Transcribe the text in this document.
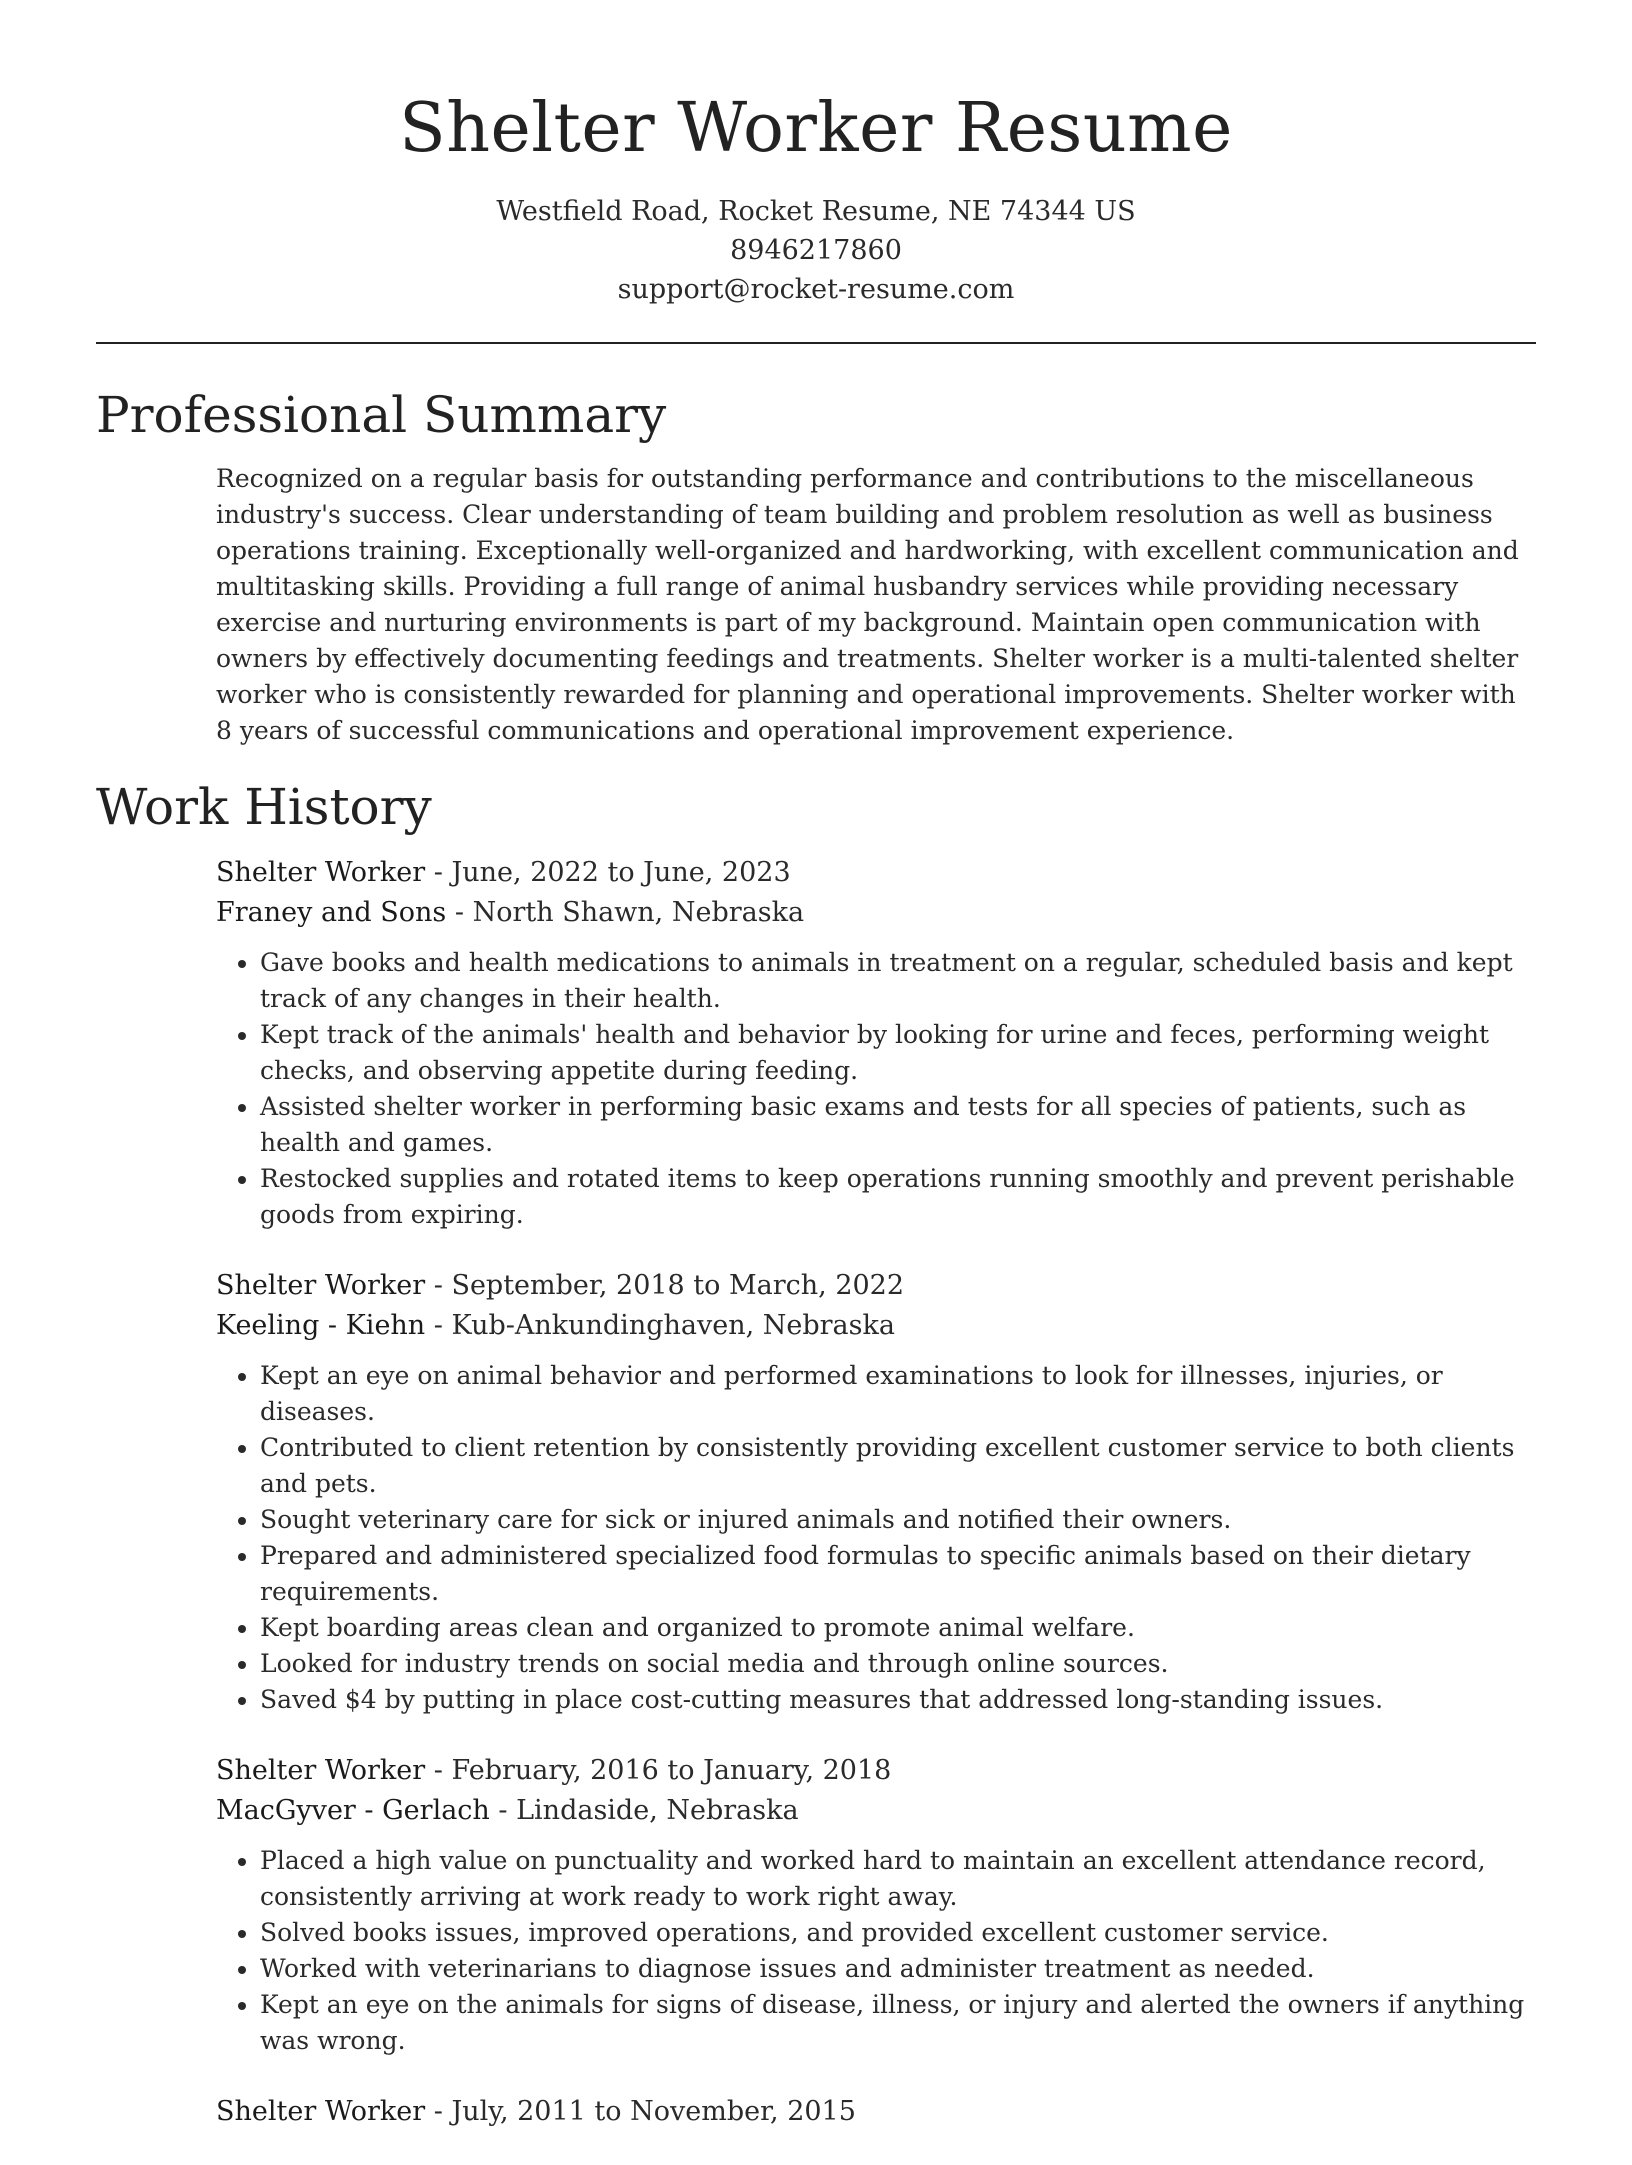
Shelter Worker Resume
Westfield Road, Rocket Resume, NE 74344 US
8946217860
support@rocket-resume.com
Professional Summary

Recognized on a regular basis for outstanding performance and contributions to the miscellaneous industry's success. Clear understanding of team building and problem resolution as well as business operations training. Exceptionally well-organized and hardworking, with excellent communication and multitasking skills. Providing a full range of animal husbandry services while providing necessary exercise and nurturing environments is part of my background. Maintain open communication with owners by effectively documenting feedings and treatments. Shelter worker is a multi-talented shelter worker who is consistently rewarded for planning and operational improvements. Shelter worker with 8 years of successful communications and operational improvement experience.

Work History
Shelter Worker - June, 2022 to June, 2023
Franey and Sons - North Shawn, Nebraska
• Gave books and health medications to animals in treatment on a regular, scheduled basis and kept track of any changes in their health.
• Kept track of the animals' health and behavior by looking for urine and feces, performing weight checks, and observing appetite during feeding.
• Assisted shelter worker in performing basic exams and tests for all species of patients, such as health and games.
• Restocked supplies and rotated items to keep operations running smoothly and prevent perishable goods from expiring.
Shelter Worker - September, 2018 to March, 2022
Keeling - Kiehn - Kub-Ankundinghaven, Nebraska
• Kept an eye on animal behavior and performed examinations to look for illnesses, injuries, or diseases.
• Contributed to client retention by consistently providing excellent customer service to both clients and pets.
• Sought veterinary care for sick or injured animals and notified their owners.
• Prepared and administered specialized food formulas to specific animals based on their dietary requirements.
• Kept boarding areas clean and organized to promote animal welfare.
• Looked for industry trends on social media and through online sources.
• Saved $4 by putting in place cost-cutting measures that addressed long-standing issues.
Shelter Worker - February, 2016 to January, 2018
MacGyver - Gerlach - Lindaside, Nebraska
• Placed a high value on punctuality and worked hard to maintain an excellent attendance record, consistently arriving at work ready to work right away.
• Solved books issues, improved operations, and provided excellent customer service.
• Worked with veterinarians to diagnose issues and administer treatment as needed.
• Kept an eye on the animals for signs of disease, illness, or injury and alerted the owners if anything was wrong.
Shelter Worker - July, 2011 to November, 2015
